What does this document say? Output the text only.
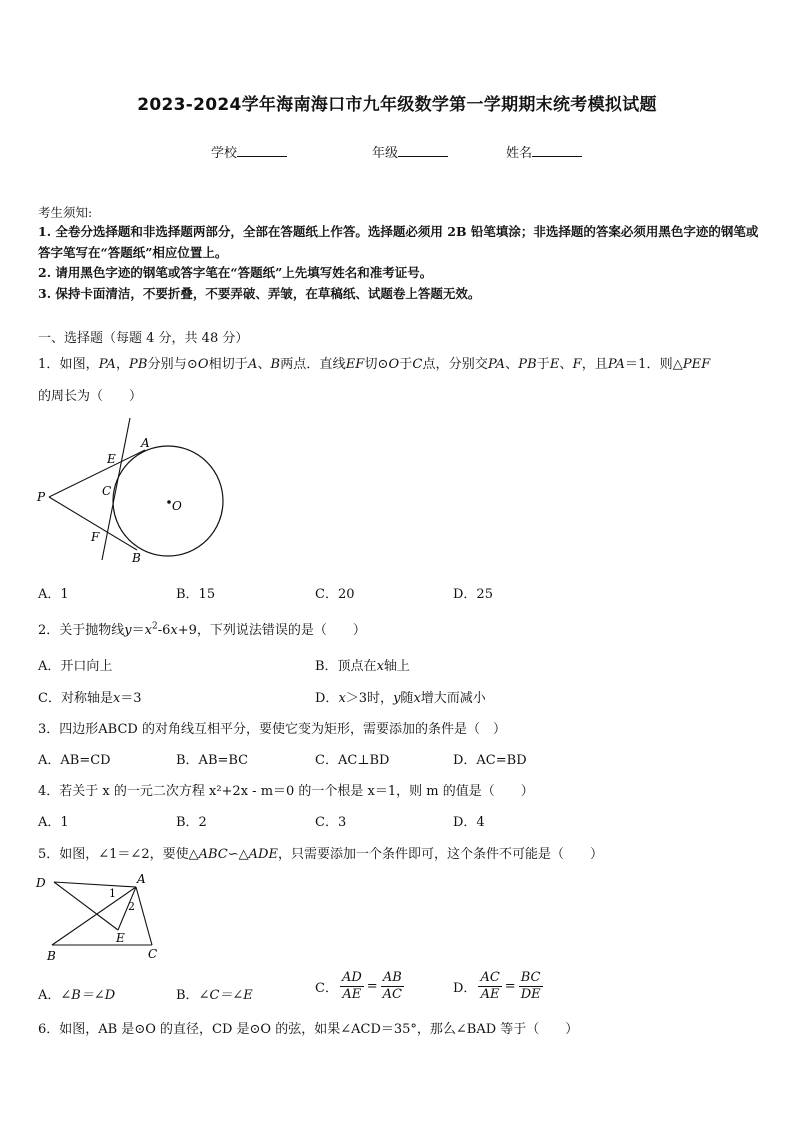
2023-2024学年海南海口市九年级数学第一学期期末统考模拟试题
学校	年级	姓名
考生须知:
1. 全卷分选择题和非选择题两部分，全部在答题纸上作答。选择题必须用 2B 铅笔填涂；非选择题的答案必须用黑色字迹的钢笔或答字笔写在“答题纸”相应位置上。
2. 请用黑色字迹的钢笔或答字笔在“答题纸”上先填写姓名和准考证号。
3. 保持卡面清洁，不要折叠，不要弄破、弄皱，在草稿纸、试题卷上答题无效。
一、选择题（每题 4 分，共 48 分）
1．如图，PA，PB分别与⊙O相切于A、B两点．直线EF切⊙O于C点，分别交PA、PB于E、F，且PA＝1．则△PEF
的周长为（　　）
A
E
C
P
O
F
B
A．1	B．15	C．20	D．25
2．关于抛物线$y=x^2-6x+9$，下列说法错误的是（　　）
A．开口向上	B．顶点在x轴上
C．对称轴是x＝3	D．x＞3时，y随x增大而减小
3．四边形ABCD 的对角线互相平分，要使它变为矩形，需要添加的条件是（　）
A．AB=CD	B．AB=BC	C．AC⊥BD	D．AC=BD
4．若关于 x 的一元二次方程 x²+2x - m＝0 的一个根是 x＝1，则 m 的值是（　　）
A．1	B．2	C．3	D．4
5．如图，∠1＝∠2，要使△ABC∽△ADE，只需要添加一个条件即可，这个条件不可能是（　　）
D	A
1
2
E
B	C
A．∠B＝∠D	B．∠C＝∠E	C． $\frac{AD}{AE} = \frac{AB}{AC}$	D． $\frac{AC}{AE} = \frac{BC}{DE}$
6．如图，AB 是⊙O 的直径，CD 是⊙O 的弦，如果∠ACD＝35°，那么∠BAD 等于（　　）
